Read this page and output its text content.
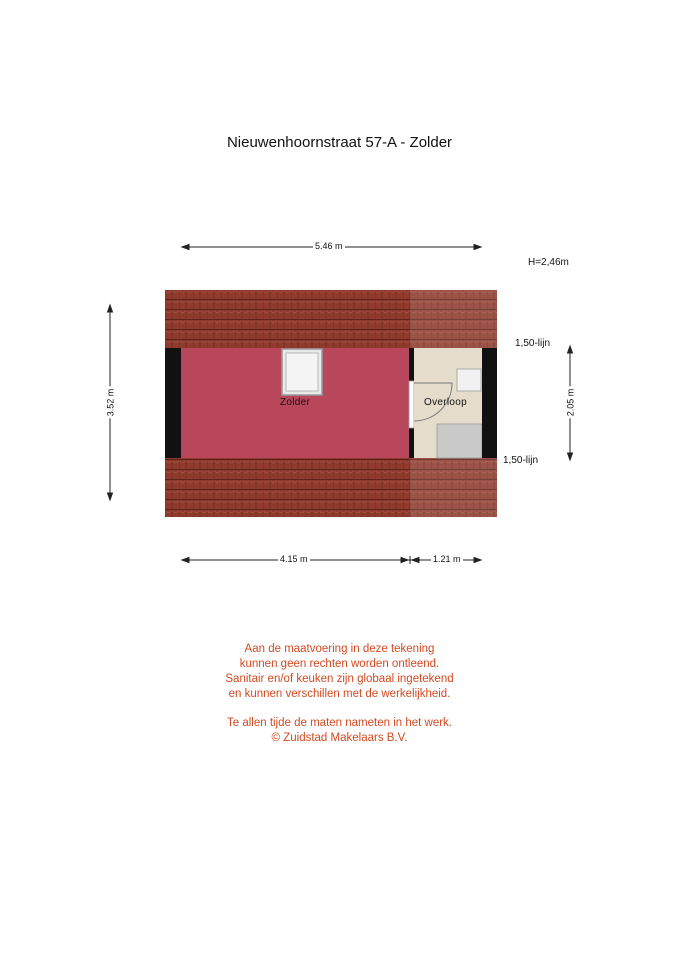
Nieuwenhoornstraat 57-A - Zolder
5.46 m
3.52 m	2.05 m
4.15 m	1.21 m
H=2,46m
1,50-lijn
1,50-lijn
Zolder	Overloop

Aan de maatvoering in deze tekening

kunnen geen rechten worden ontleend.

Sanitair en/of keuken zijn globaal ingetekend

en kunnen verschillen met de werkelijkheid.

Te allen tijde de maten nameten in het werk.

© Zuidstad Makelaars B.V.
